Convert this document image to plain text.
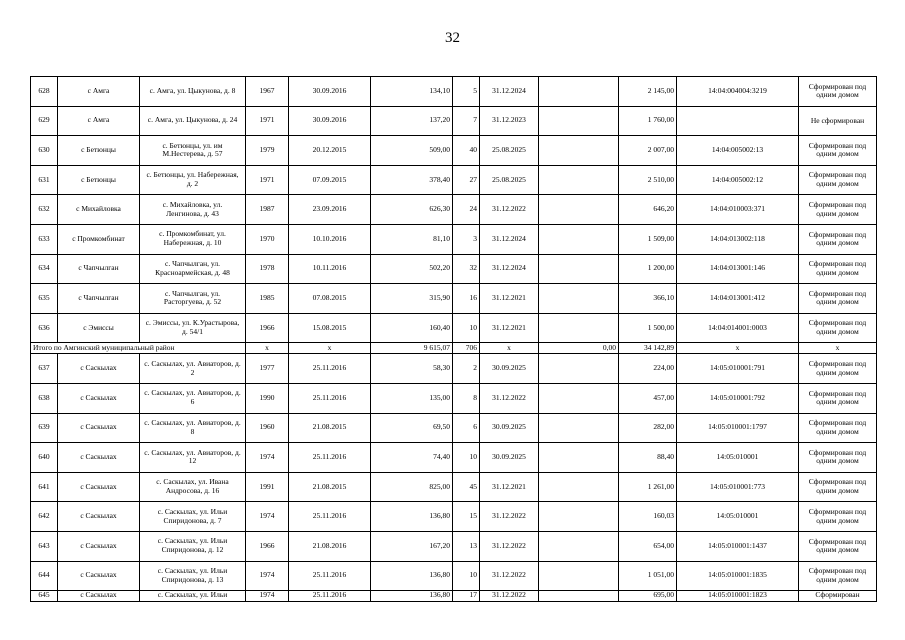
32
628	с Амга	с. Амга, ул. Цыкунова, д. 8	1967	30.09.2016	134,10	5	31.12.2024		2 145,00	14:04:004004:3219	Сформирован под одним домом
629	с Амга	с. Амга, ул. Цыкунова, д. 24	1971	30.09.2016	137,20	7	31.12.2023		1 760,00		Не сформирован
630	с Бетюнцы	с. Бетюнцы, ул. им М.Нестерева, д. 57	1979	20.12.2015	509,00	40	25.08.2025		2 007,00	14:04:005002:13	Сформирован под одним домом
631	с Бетюнцы	с. Бетюнцы, ул. Набережная, д. 2	1971	07.09.2015	378,40	27	25.08.2025		2 510,00	14:04:005002:12	Сформирован под одним домом
632	с Михайловка	с. Михайловка, ул. Ленгинова, д. 43	1987	23.09.2016	626,30	24	31.12.2022		646,20	14:04:010003:371	Сформирован под одним домом
633	с Промкомбинат	с. Промкомбинат, ул. Набережная, д. 10	1970	10.10.2016	81,10	3	31.12.2024		1 509,00	14:04:013002:118	Сформирован под одним домом
634	с Чапчылган	с. Чапчылган, ул. Красноармейская, д. 48	1978	10.11.2016	502,20	32	31.12.2024		1 200,00	14:04:013001:146	Сформирован под одним домом
635	с Чапчылган	с. Чапчылган, ул. Расторгуева, д. 52	1985	07.08.2015	315,90	16	31.12.2021		366,10	14:04:013001:412	Сформирован под одним домом
636	с Эмиссы	с. Эмиссы, ул. К.Урастырова, д. 54/1	1966	15.08.2015	160,40	10	31.12.2021		1 500,00	14:04:014001:0003	Сформирован под одним домом
Итого по Амгинский муниципальный район			x	x	9 615,07	706	x	0,00	34 142,89	x	x
637	с Саскылах	с. Саскылах, ул. Авиаторов, д. 2	1977	25.11.2016	58,30	2	30.09.2025		224,00	14:05:010001:791	Сформирован под одним домом
638	с Саскылах	с. Саскылах, ул. Авиаторов, д. 6	1990	25.11.2016	135,00	8	31.12.2022		457,00	14:05:010001:792	Сформирован под одним домом
639	с Саскылах	с. Саскылах, ул. Авиаторов, д. 8	1960	21.08.2015	69,50	6	30.09.2025		282,00	14:05:010001:1797	Сформирован под одним домом
640	с Саскылах	с. Саскылах, ул. Авиаторов, д. 12	1974	25.11.2016	74,40	10	30.09.2025		88,40	14:05:010001	Сформирован под одним домом
641	с Саскылах	с. Саскылах, ул. Ивана Андросова, д. 16	1991	21.08.2015	825,00	45	31.12.2021		1 261,00	14:05:010001:773	Сформирован под одним домом
642	с Саскылах	с. Саскылах, ул. Ильи Спиридонова, д. 7	1974	25.11.2016	136,80	15	31.12.2022		160,03	14:05:010001	Сформирован под одним домом
643	с Саскылах	с. Саскылах, ул. Ильи Спиридонова, д. 12	1966	21.08.2016	167,20	13	31.12.2022		654,00	14:05:010001:1437	Сформирован под одним домом
644	с Саскылах	с. Саскылах, ул. Ильи Спиридонова, д. 13	1974	25.11.2016	136,80	10	31.12.2022		1 051,00	14:05:010001:1835	Сформирован под одним домом
645	с Саскылах	с. Саскылах, ул. Ильи	1974	25.11.2016	136,80	17	31.12.2022		695,00	14:05:010001:1823	Сформирован
